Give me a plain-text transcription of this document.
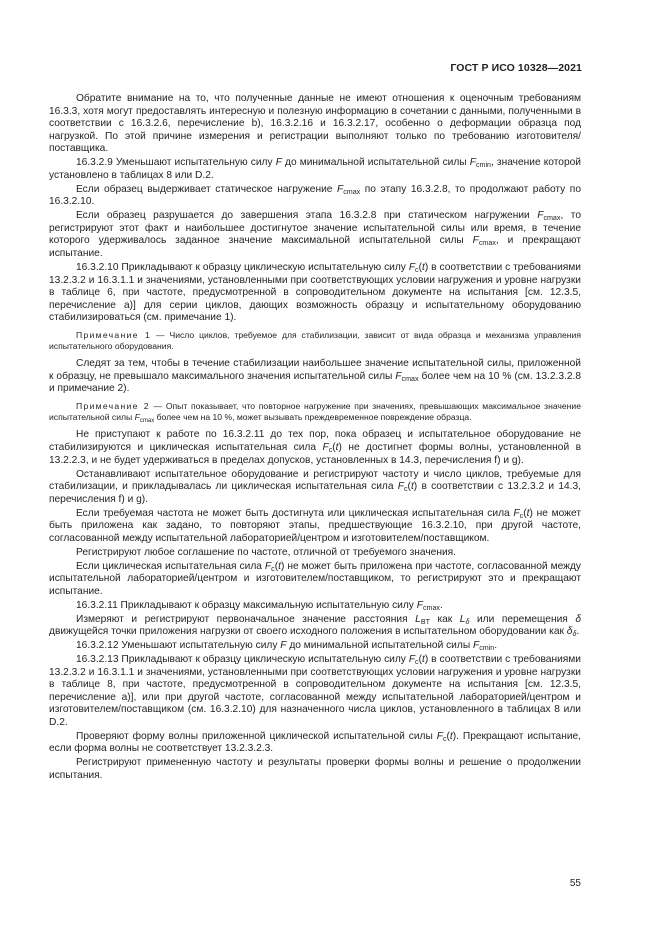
ГОСТ Р ИСО 10328—2021

Обратите внимание на то, что полученные данные не имеют отношения к оценочным требованиям 16.3.3, хотя могут предоставлять интересную и полезную информацию в сочетании с данными, полученными в соответствии с 16.3.2.6, перечисление b), 16.3.2.16 и 16.3.2.17, особенно о деформации образца под нагрузкой. По этой причине измерения и регистрации выполняют только по требованию изготовителя/поставщика.

16.3.2.9 Уменьшают испытательную силу F до минимальной испытательной силы $F_{cmin}$, значение которой установлено в таблицах 8 или D.2.

Если образец выдерживает статическое нагружение $F_{cmax}$ по этапу 16.3.2.8, то продолжают работу по 16.3.2.10.

Если образец разрушается до завершения этапа 16.3.2.8 при статическом нагружении $F_{cmax}$, то регистрируют этот факт и наибольшее достигнутое значение испытательной силы или время, в течение которого удерживалось заданное значение максимальной испытательной силы $F_{cmax}$, и прекращают испытание.

16.3.2.10 Прикладывают к образцу циклическую испытательную силу $F_c(t)$ в соответствии с требованиями 13.2.3.2 и 16.3.1.1 и значениями, установленными при соответствующих условии нагружения и уровне нагрузки в таблице 6, при частоте, предусмотренной в сопроводительном документе на испытания [см. 12.3.5, перечисление a)] для серии циклов, дающих возможность образцу и испытательному оборудованию стабилизироваться (см. примечание 1).

Примечание 1 — Число циклов, требуемое для стабилизации, зависит от вида образца и механизма управления испытательного оборудования.

Следят за тем, чтобы в течение стабилизации наибольшее значение испытательной силы, приложенной к образцу, не превышало максимального значения испытательной силы $F_{cmax}$ более чем на 10 % (см. 13.2.3.2.8 и примечание 2).

Примечание 2 — Опыт показывает, что повторное нагружение при значениях, превышающих максимальное значение испытательной силы $F_{cmax}$ более чем на 10 %, может вызывать преждевременное повреждение образца.

Не приступают к работе по 16.3.2.11 до тех пор, пока образец и испытательное оборудование не стабилизируются и циклическая испытательная сила $F_c(t)$ не достигнет формы волны, установленной в 13.2.2.3, и не будет удерживаться в пределах допусков, установленных в 14.3, перечисления f) и g).

Останавливают испытательное оборудование и регистрируют частоту и число циклов, требуемые для стабилизации, и прикладывалась ли циклическая испытательная сила $F_c(t)$ в соответствии с 13.2.3.2 и 14.3, перечисления f) и g).

Если требуемая частота не может быть достигнута или циклическая испытательная сила $F_c(t)$ не может быть приложена как задано, то повторяют этапы, предшествующие 16.3.2.10, при другой частоте, согласованной между испытательной лабораторией/центром и изготовителем/поставщиком.

Регистрируют любое соглашение по частоте, отличной от требуемого значения.

Если циклическая испытательная сила $F_c(t)$ не может быть приложена при частоте, согласованной между испытательной лабораторией/центром и изготовителем/поставщиком, то регистрируют это и прекращают испытание.

16.3.2.11 Прикладывают к образцу максимальную испытательную силу $F_{cmax}$.

Измеряют и регистрируют первоначальное значение расстояния $L_{BT}$ как $L_\delta$ или перемещения δ движущейся точки приложения нагрузки от своего исходного положения в испытательном оборудовании как $\delta_\delta$.

16.3.2.12 Уменьшают испытательную силу F до минимальной испытательной силы $F_{cmin}$.

16.3.2.13 Прикладывают к образцу циклическую испытательную силу $F_c(t)$ в соответствии с требованиями 13.2.3.2 и 16.3.1.1 и значениями, установленными при соответствующих условии нагружения и уровне нагрузки в таблице 8, при частоте, предусмотренной в сопроводительном документе на испытания [см. 12.3.5, перечисление a)], или при другой частоте, согласованной между испытательной лабораторией/центром и изготовителем/поставщиком (см. 16.3.2.10) для назначенного числа циклов, установленного в таблицах 8 или D.2.

Проверяют форму волны приложенной циклической испытательной силы $F_c(t)$. Прекращают испытание, если форма волны не соответствует 13.2.3.2.3.

Регистрируют примененную частоту и результаты проверки формы волны и решение о продолжении испытания.

55
